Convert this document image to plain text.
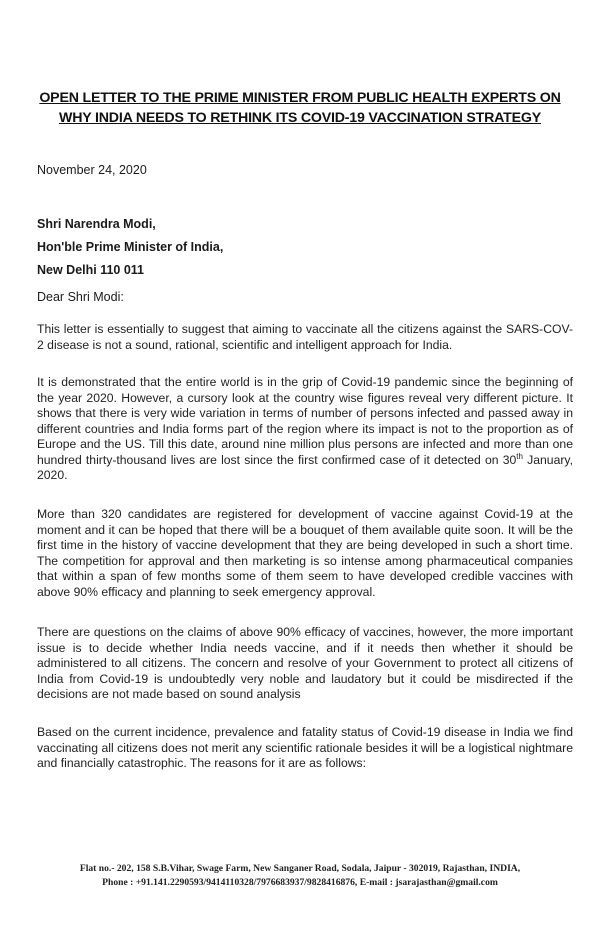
OPEN LETTER TO THE PRIME MINISTER FROM PUBLIC HEALTH EXPERTS ON
WHY INDIA NEEDS TO RETHINK ITS COVID-19 VACCINATION STRATEGY
November 24, 2020
Shri Narendra Modi,
Hon'ble Prime Minister of India,
New Delhi 110 011
Dear Shri Modi:
This letter is essentially to suggest that aiming to vaccinate all the citizens against the SARS-COV-2 disease is not a sound, rational, scientific and intelligent approach for India.
It is demonstrated that the entire world is in the grip of Covid-19 pandemic since the beginning of the year 2020. However, a cursory look at the country wise figures reveal very different picture. It shows that there is very wide variation in terms of number of persons infected and passed away in different countries and India forms part of the region where its impact is not to the proportion as of Europe and the US. Till this date, around nine million plus persons are infected and more than one hundred thirty-thousand lives are lost since the first confirmed case of it detected on 30th January, 2020.
More than 320 candidates are registered for development of vaccine against Covid-19 at the moment and it can be hoped that there will be a bouquet of them available quite soon. It will be the first time in the history of vaccine development that they are being developed in such a short time. The competition for approval and then marketing is so intense among pharmaceutical companies that within a span of few months some of them seem to have developed credible vaccines with above 90% efficacy and planning to seek emergency approval.
There are questions on the claims of above 90% efficacy of vaccines, however, the more important issue is to decide whether India needs vaccine, and if it needs then whether it should be administered to all citizens. The concern and resolve of your Government to protect all citizens of India from Covid-19 is undoubtedly very noble and laudatory but it could be misdirected if the decisions are not made based on sound analysis
Based on the current incidence, prevalence and fatality status of Covid-19 disease in India we find vaccinating all citizens does not merit any scientific rationale besides it will be a logistical nightmare and financially catastrophic. The reasons for it are as follows:
Flat no.- 202, 158 S.B.Vihar, Swage Farm, New Sanganer Road, Sodala, Jaipur - 302019, Rajasthan, INDIA,
Phone : +91.141.2290593/9414110328/7976683937/9828416876, E-mail : jsarajasthan@gmail.com
